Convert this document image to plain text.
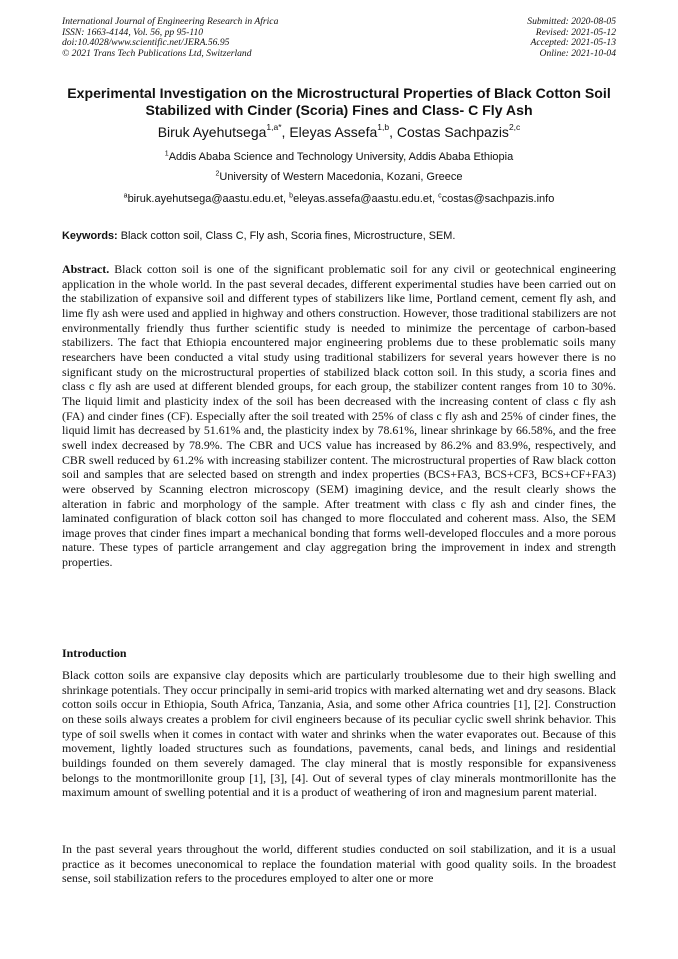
International Journal of Engineering Research in Africa
ISSN: 1663-4144, Vol. 56, pp 95-110
doi:10.4028/www.scientific.net/JERA.56.95
© 2021 Trans Tech Publications Ltd, Switzerland
Submitted: 2020-08-05
Revised: 2021-05-12
Accepted: 2021-05-13
Online: 2021-10-04
Experimental Investigation on the Microstructural Properties of Black Cotton Soil Stabilized with Cinder (Scoria) Fines and Class- C Fly Ash
Biruk Ayehutsega$^{1,a*}$, Eleyas Assefa$^{1,b}$, Costas Sachpazis$^{2,c}$
$^1$Addis Ababa Science and Technology University, Addis Ababa Ethiopia
$^2$University of Western Macedonia, Kozani, Greece
$^a$biruk.ayehutsega@aastu.edu.et, $^b$eleyas.assefa@aastu.edu.et, $^c$costas@sachpazis.info
Keywords: Black cotton soil, Class C, Fly ash, Scoria fines, Microstructure, SEM.

Abstract. Black cotton soil is one of the significant problematic soil for any civil or geotechnical engineering application in the whole world. In the past several decades, different experimental studies have been carried out on the stabilization of expansive soil and different types of stabilizers like lime, Portland cement, cement fly ash, and lime fly ash were used and applied in highway and others construction. However, those traditional stabilizers are not environmentally friendly thus further scientific study is needed to minimize the percentage of carbon-based stabilizers. The fact that Ethiopia encountered major engineering problems due to these problematic soils many researchers have been conducted a vital study using traditional stabilizers for several years however there is no significant study on the microstructural properties of stabilized black cotton soil. In this study, a scoria fines and class c fly ash are used at different blended groups, for each group, the stabilizer content ranges from 10 to 30%. The liquid limit and plasticity index of the soil has been decreased with the increasing content of class c fly ash (FA) and cinder fines (CF). Especially after the soil treated with 25% of class c fly ash and 25% of cinder fines, the liquid limit has decreased by 51.61% and, the plasticity index by 78.61%, linear shrinkage by 66.58%, and the free swell index decreased by 78.9%. The CBR and UCS value has increased by 86.2% and 83.9%, respectively, and CBR swell reduced by 61.2% with increasing stabilizer content. The microstructural properties of Raw black cotton soil and samples that are selected based on strength and index properties (BCS+FA3, BCS+CF3, BCS+CF+FA3) were observed by Scanning electron microscopy (SEM) imagining device, and the result clearly shows the alteration in fabric and morphology of the sample. After treatment with class c fly ash and cinder fines, the laminated configuration of black cotton soil has changed to more flocculated and coherent mass. Also, the SEM image proves that cinder fines impart a mechanical bonding that forms well-developed floccules and a more porous nature. These types of particle arrangement and clay aggregation bring the improvement in index and strength properties.

Introduction

Black cotton soils are expansive clay deposits which are particularly troublesome due to their high swelling and shrinkage potentials. They occur principally in semi-arid tropics with marked alternating wet and dry seasons. Black cotton soils occur in Ethiopia, South Africa, Tanzania, Asia, and some other Africa countries [1], [2]. Construction on these soils always creates a problem for civil engineers because of its peculiar cyclic swell shrink behavior. This type of soil swells when it comes in contact with water and shrinks when the water evaporates out. Because of this movement, lightly loaded structures such as foundations, pavements, canal beds, and linings and residential buildings founded on them severely damaged. The clay mineral that is mostly responsible for expansiveness belongs to the montmorillonite group [1], [3], [4]. Out of several types of clay minerals montmorillonite has the maximum amount of swelling potential and it is a product of weathering of iron and magnesium parent material.

In the past several years throughout the world, different studies conducted on soil stabilization, and it is a usual practice as it becomes uneconomical to replace the foundation material with good quality soils. In the broadest sense, soil stabilization refers to the procedures employed to alter one or more
